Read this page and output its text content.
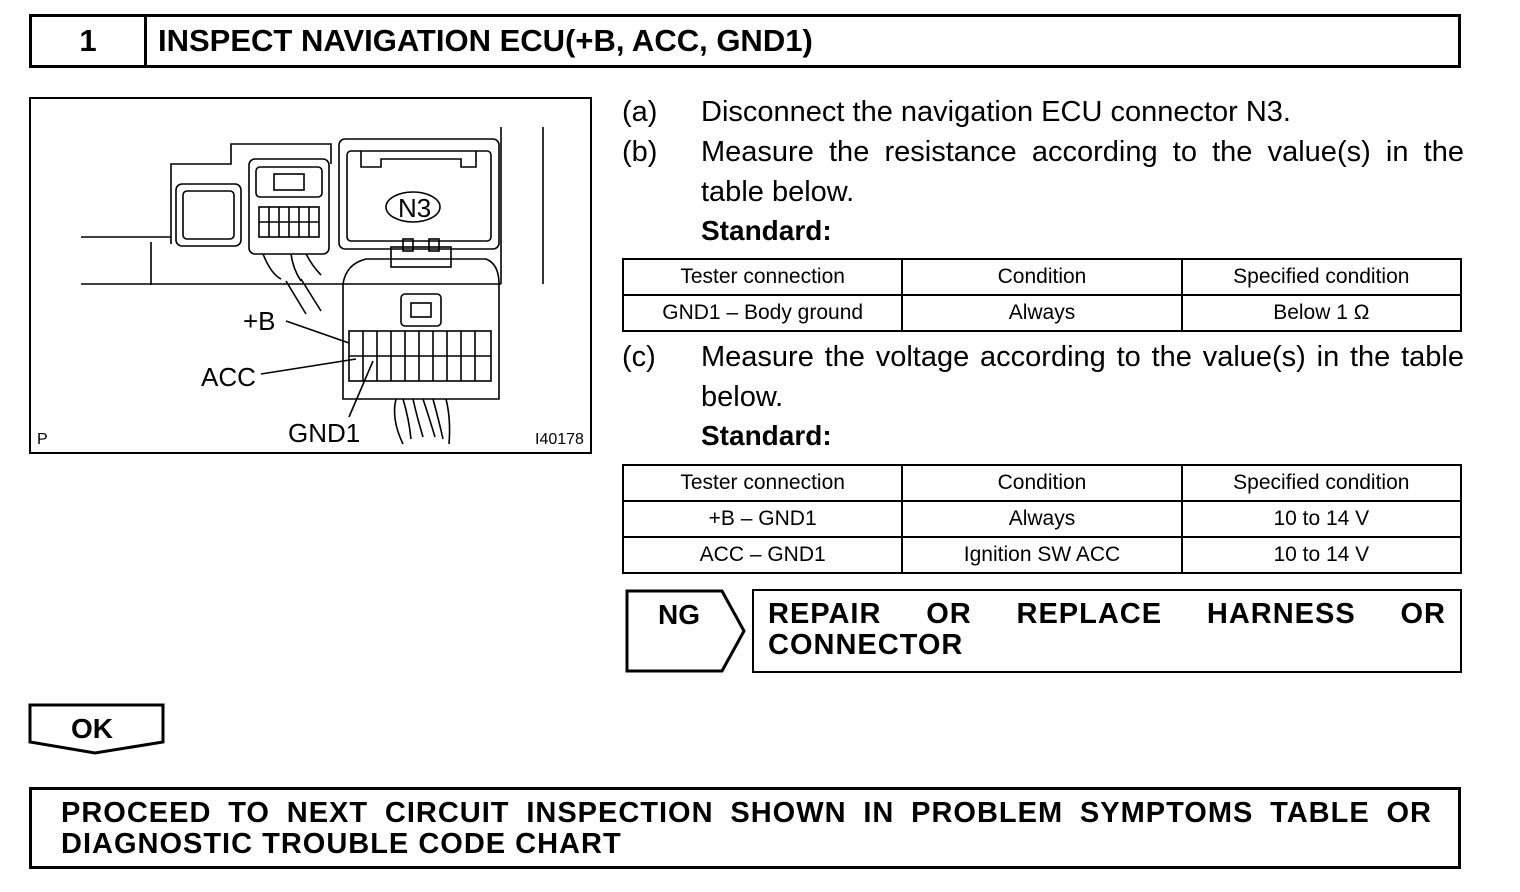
1	INSPECT NAVIGATION ECU(+B, ACC, GND1)
N3
+B
ACC
GND1
P	I40178
(a) Disconnect the navigation ECU connector N3.
(b) Measure the resistance according to the value(s) in the table below.
Standard:
Tester connection	Condition	Specified condition
GND1 – Body ground	Always	Below 1 Ω
(c) Measure the voltage according to the value(s) in the table below.
Standard:
Tester connection	Condition	Specified condition
+B – GND1	Always	10 to 14 V
ACC – GND1	Ignition SW ACC	10 to 14 V
NG REPAIR OR REPLACE HARNESS OR
CONNECTOR
OK
PROCEED TO NEXT CIRCUIT INSPECTION SHOWN IN PROBLEM SYMPTOMS TABLE OR
DIAGNOSTIC TROUBLE CODE CHART
